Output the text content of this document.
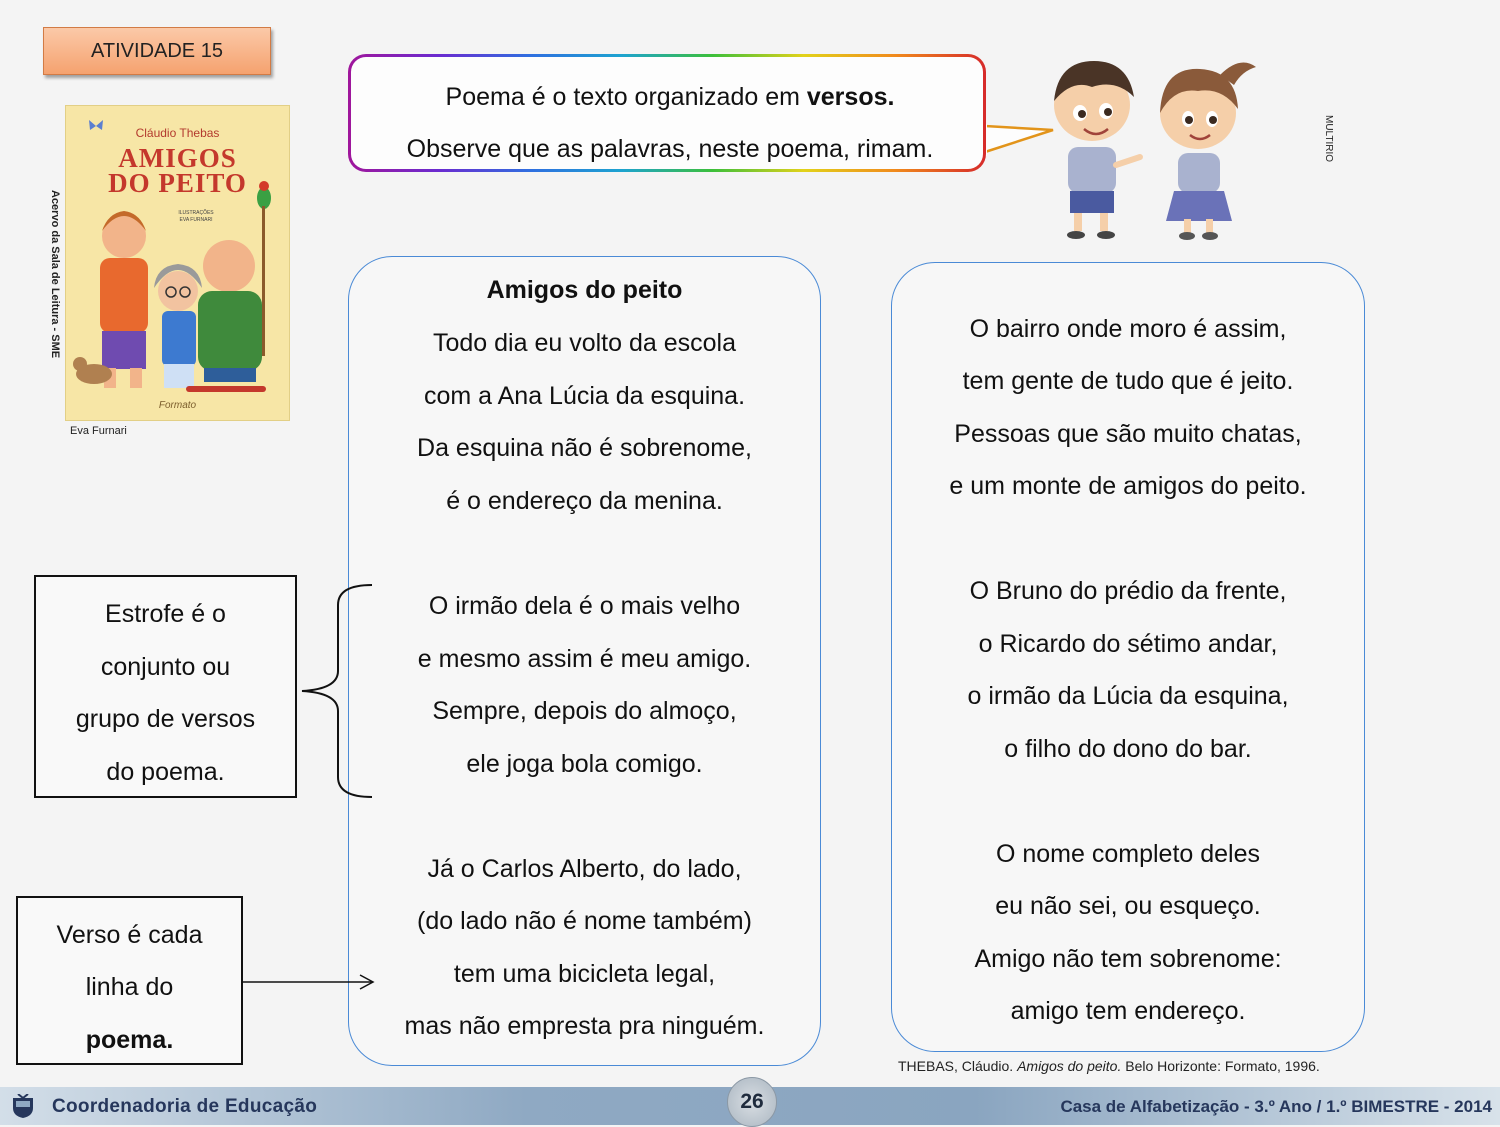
ATIVIDADE 15
Cláudio Thebas
AMIGOS
DO PEITO
ILUSTRAÇÕES
EVA FURNARI
Formato
Acervo da Sala de Leitura - SME
Eva Furnari
Poema é o texto organizado em versos.
Observe que as palavras, neste poema, rimam.	MULTIRIO
Amigos do peito
Todo dia eu volto da escola
com a Ana Lúcia da esquina.
Da esquina não é sobrenome,
é o endereço da menina.
O irmão dela é o mais velho
e mesmo assim é meu amigo.
Sempre, depois do almoço,
ele joga bola comigo.
Já o Carlos Alberto, do lado,
(do lado não é nome também)
tem uma bicicleta legal,
mas não empresta pra ninguém.
O bairro onde moro é assim,
tem gente de tudo que é jeito.
Pessoas que são muito chatas,
e um monte de amigos do peito.
O Bruno do prédio da frente,
o Ricardo do sétimo andar,
o irmão da Lúcia da esquina,
o filho do dono do bar.
O nome completo deles
eu não sei, ou esqueço.
Amigo não tem sobrenome:
amigo tem endereço.
Estrofe é o
conjunto ou
grupo de versos
do poema.
Verso é cada
linha do
poema.
THEBAS, Cláudio. Amigos do peito. Belo Horizonte: Formato, 1996.
Coordenadoria de Educação	Casa de Alfabetização - 3.º Ano / 1.º BIMESTRE - 2014
26
